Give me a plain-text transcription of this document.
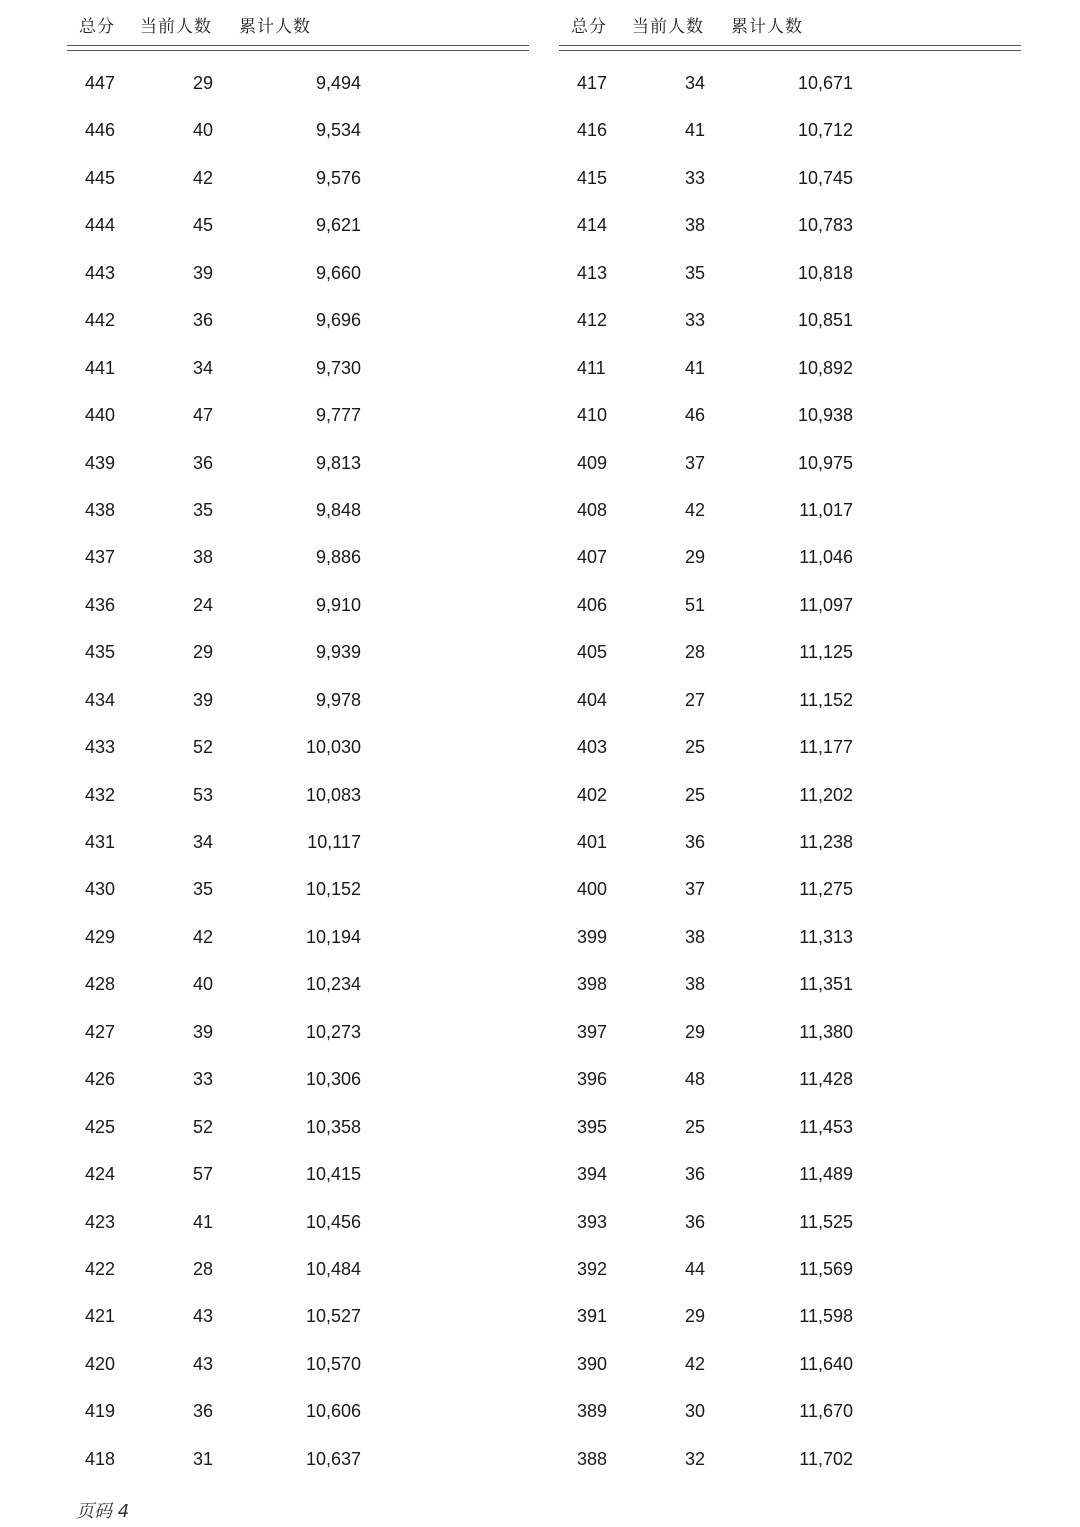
总分 当前人数 累计人数
447	29	9,494
446	40	9,534
445	42	9,576
444	45	9,621
443	39	9,660
442	36	9,696
441	34	9,730
440	47	9,777
439	36	9,813
438	35	9,848
437	38	9,886
436	24	9,910
435	29	9,939
434	39	9,978
433	52	10,030
432	53	10,083
431	34	10,117
430	35	10,152
429	42	10,194
428	40	10,234
427	39	10,273
426	33	10,306
425	52	10,358
424	57	10,415
423	41	10,456
422	28	10,484
421	43	10,527
420	43	10,570
419	36	10,606
418	31	10,637
总分 当前人数 累计人数
417	34	10,671
416	41	10,712
415	33	10,745
414	38	10,783
413	35	10,818
412	33	10,851
411	41	10,892
410	46	10,938
409	37	10,975
408	42	11,017
407	29	11,046
406	51	11,097
405	28	11,125
404	27	11,152
403	25	11,177
402	25	11,202
401	36	11,238
400	37	11,275
399	38	11,313
398	38	11,351
397	29	11,380
396	48	11,428
395	25	11,453
394	36	11,489
393	36	11,525
392	44	11,569
391	29	11,598
390	42	11,640
389	30	11,670
388	32	11,702
页码 4
